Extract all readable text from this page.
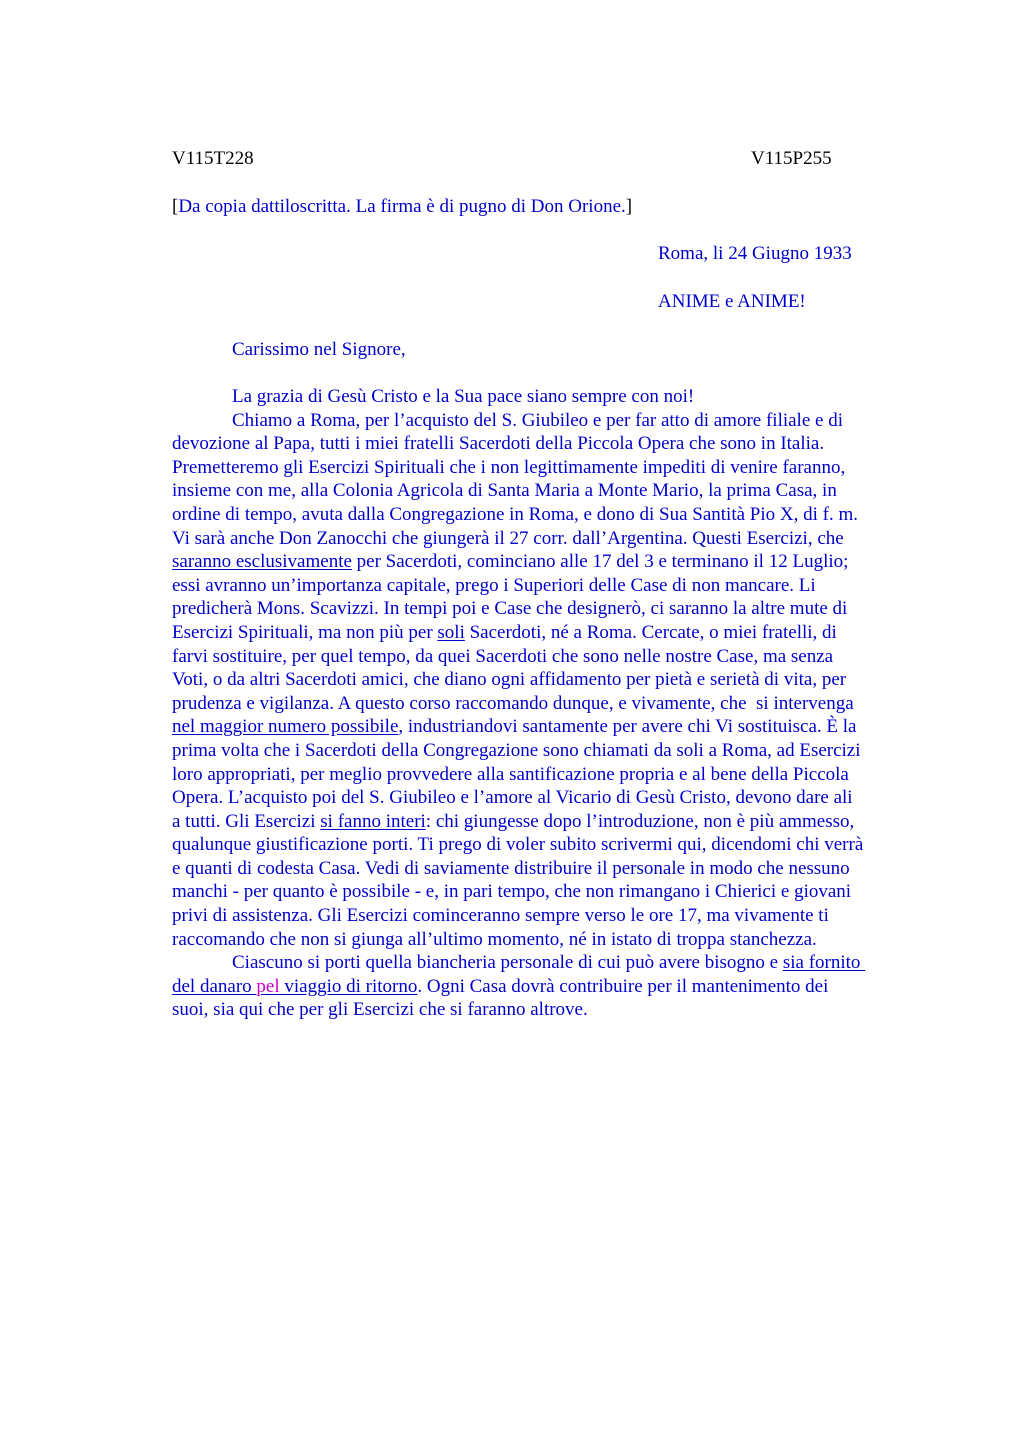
V115T228	V115P255
[Da copia dattiloscritta. La firma è di pugno di Don Orione.]
Roma, li 24 Giugno 1933
ANIME e ANIME!
Carissimo nel Signore,
La grazia di Gesù Cristo e la Sua pace siano sempre con noi!
Chiamo a Roma, per l’acquisto del S. Giubileo e per far atto di amore filiale e di
devozione al Papa, tutti i miei fratelli Sacerdoti della Piccola Opera che sono in Italia.
Premetteremo gli Esercizi Spirituali che i non legittimamente impediti di venire faranno,
insieme con me, alla Colonia Agricola di Santa Maria a Monte Mario, la prima Casa, in
ordine di tempo, avuta dalla Congregazione in Roma, e dono di Sua Santità Pio X, di f. m.
Vi sarà anche Don Zanocchi che giungerà il 27 corr. dall’Argentina. Questi Esercizi, che
saranno esclusivamente per Sacerdoti, cominciano alle 17 del 3 e terminano il 12 Luglio;
essi avranno un’importanza capitale, prego i Superiori delle Case di non mancare. Li
predicherà Mons. Scavizzi. In tempi poi e Case che designerò, ci saranno la altre mute di
Esercizi Spirituali, ma non più per soli Sacerdoti, né a Roma. Cercate, o miei fratelli, di
farvi sostituire, per quel tempo, da quei Sacerdoti che sono nelle nostre Case, ma senza
Voti, o da altri Sacerdoti amici, che diano ogni affidamento per pietà e serietà di vita, per
prudenza e vigilanza. A questo corso raccomando dunque, e vivamente, che  si intervenga
nel maggior numero possibile, industriandovi santamente per avere chi Vi sostituisca. È la
prima volta che i Sacerdoti della Congregazione sono chiamati da soli a Roma, ad Esercizi
loro appropriati, per meglio provvedere alla santificazione propria e al bene della Piccola
Opera. L’acquisto poi del S. Giubileo e l’amore al Vicario di Gesù Cristo, devono dare ali
a tutti. Gli Esercizi si fanno interi: chi giungesse dopo l’introduzione, non è più ammesso,
qualunque giustificazione porti. Ti prego di voler subito scrivermi qui, dicendomi chi verrà
e quanti di codesta Casa. Vedi di saviamente distribuire il personale in modo che nessuno
manchi - per quanto è possibile - e, in pari tempo, che non rimangano i Chierici e giovani
privi di assistenza. Gli Esercizi cominceranno sempre verso le ore 17, ma vivamente ti
raccomando che non si giunga all’ultimo momento, né in istato di troppa stanchezza.
Ciascuno si porti quella biancheria personale di cui può avere bisogno e sia fornito
del danaro pel viaggio di ritorno. Ogni Casa dovrà contribuire per il mantenimento dei
suoi, sia qui che per gli Esercizi che si faranno altrove.
